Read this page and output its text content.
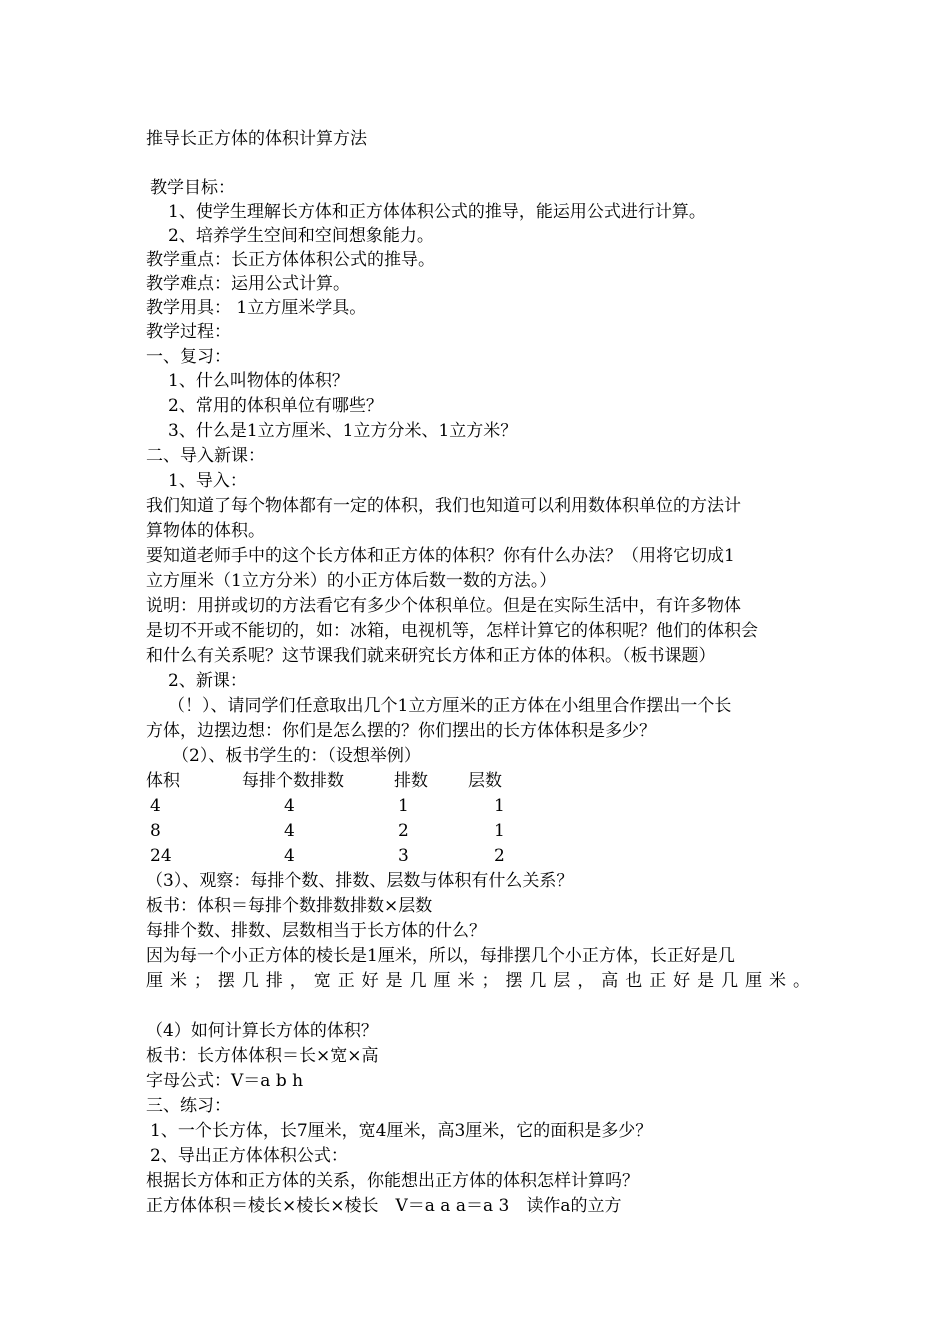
推导长正方体的体积计算方法
教学目标：
1、使学生理解长方体和正方体体积公式的推导，能运用公式进行计算。
2、培养学生空间和空间想象能力。
教学重点：长正方体体积公式的推导。
教学难点：运用公式计算。
教学用具： 1立方厘米学具。
教学过程：
一、复习：
1、什么叫物体的体积？
2、常用的体积单位有哪些？
3、什么是1立方厘米、1立方分米、1立方米？
二、导入新课：
1、导入：
我们知道了每个物体都有一定的体积，我们也知道可以利用数体积单位的方法计
算物体的体积。
要知道老师手中的这个长方体和正方体的体积？你有什么办法？（用将它切成1
立方厘米（1立方分米）的小正方体后数一数的方法。）
说明：用拼或切的方法看它有多少个体积单位。但是在实际生活中，有许多物体
是切不开或不能切的，如：冰箱，电视机等，怎样计算它的体积呢？他们的体积会
和什么有关系呢？这节课我们就来研究长方体和正方体的体积。（板书课题）
2、新课：
（！）、请同学们任意取出几个1立方厘米的正方体在小组里合作摆出一个长
方体，边摆边想：你们是怎么摆的？你们摆出的长方体体积是多少？
（2）、板书学生的：（设想举例）
体积	每排个数排数	排数 层数
4	4	1	1
8	4	2	1
24	4	3	2
（3）、观察：每排个数、排数、层数与体积有什么关系？
板书：体积＝每排个数排数排数×层数
每排个数、排数、层数相当于长方体的什么？
因为每一个小正方体的棱长是1厘米，所以，每排摆几个小正方体，长正好是几
厘米；摆几排，宽正好是几厘米；摆几层，高也正好是几厘米。
（4）如何计算长方体的体积？
板书：长方体体积＝长×宽×高
字母公式：V＝a b h
三、练习：
1、一个长方体，长7厘米，宽4厘米，高3厘米，它的面积是多少？
2、导出正方体体积公式：
根据长方体和正方体的关系，你能想出正方体的体积怎样计算吗？
正方体体积＝棱长×棱长×棱长　V＝a a a＝a 3　读作a的立方
